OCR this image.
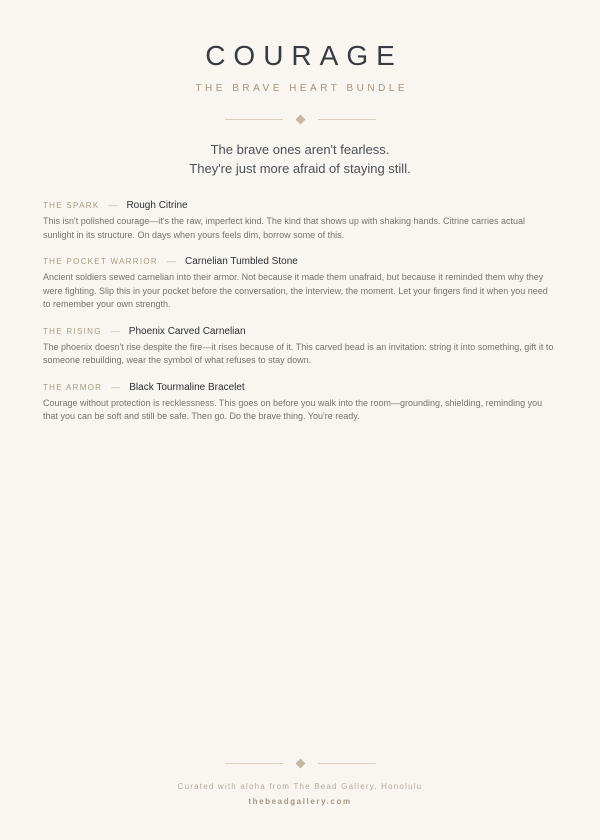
COURAGE
THE BRAVE HEART BUNDLE
The brave ones aren't fearless.
They're just more afraid of staying still.
THE SPARK — Rough Citrine
This isn't polished courage—it's the raw, imperfect kind. The kind that shows up with shaking hands. Citrine carries actual sunlight in its structure. On days when yours feels dim, borrow some of this.
THE POCKET WARRIOR — Carnelian Tumbled Stone
Ancient soldiers sewed carnelian into their armor. Not because it made them unafraid, but because it reminded them why they were fighting. Slip this in your pocket before the conversation, the interview, the moment. Let your fingers find it when you need to remember your own strength.
THE RISING — Phoenix Carved Carnelian
The phoenix doesn't rise despite the fire—it rises because of it. This carved bead is an invitation: string it into something, gift it to someone rebuilding, wear the symbol of what refuses to stay down.
THE ARMOR — Black Tourmaline Bracelet
Courage without protection is recklessness. This goes on before you walk into the room—grounding, shielding, reminding you that you can be soft and still be safe. Then go. Do the brave thing. You're ready.
Curated with aloha from The Bead Gallery, Honolulu
thebeadgallery.com
